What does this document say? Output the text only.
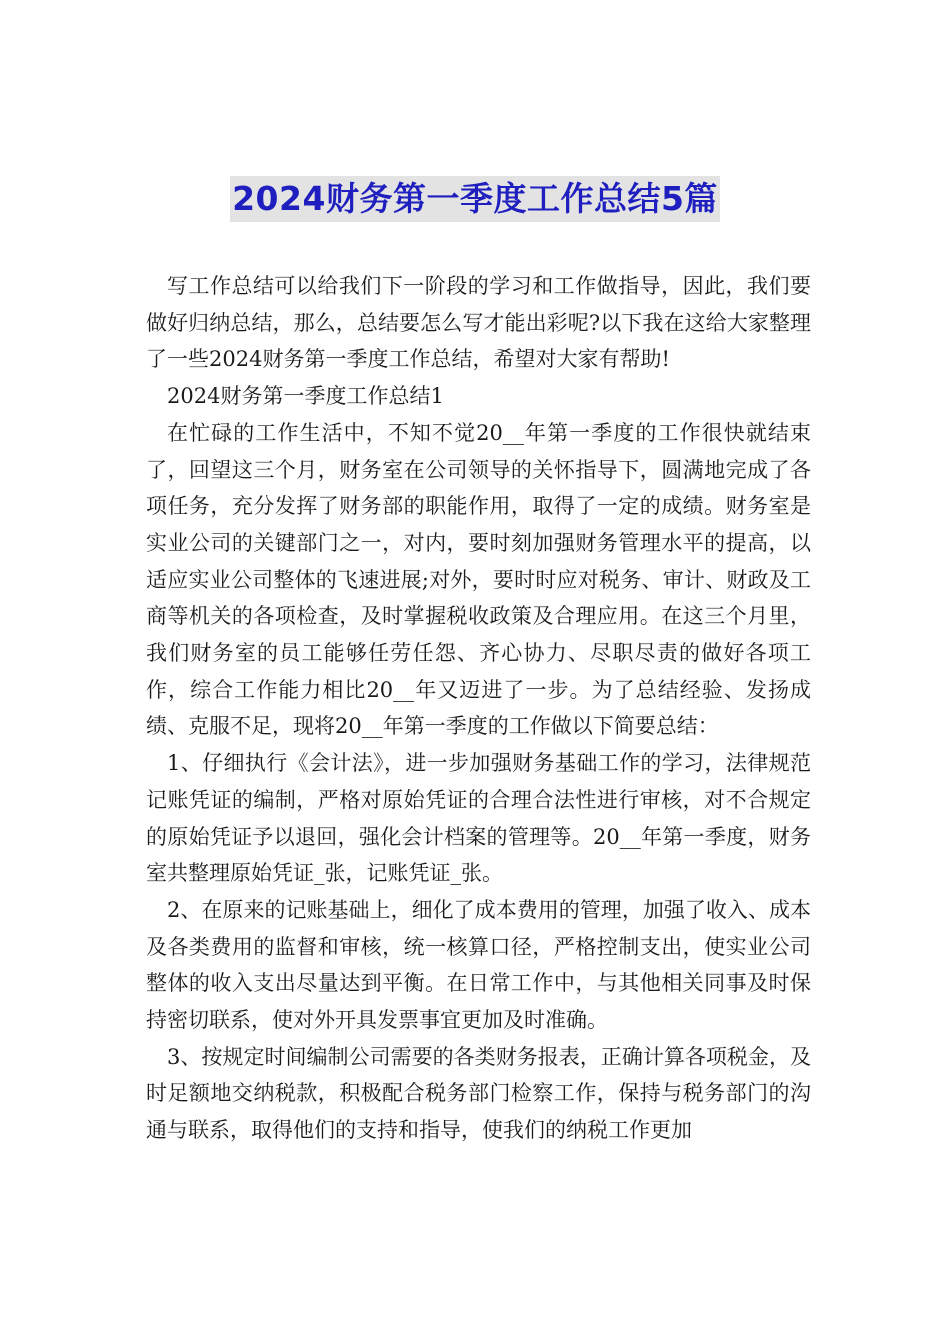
2024财务第一季度工作总结5篇

写工作总结可以给我们下一阶段的学习和工作做指导，因此，我们要做好归纳总结，那么，总结要怎么写才能出彩呢?以下我在这给大家整理了一些2024财务第一季度工作总结，希望对大家有帮助!

2024财务第一季度工作总结1

在忙碌的工作生活中，不知不觉20__年第一季度的工作很快就结束了，回望这三个月，财务室在公司领导的关怀指导下，圆满地完成了各项任务，充分发挥了财务部的职能作用，取得了一定的成绩。财务室是实业公司的关键部门之一，对内，要时刻加强财务管理水平的提高，以适应实业公司整体的飞速进展;对外，要时时应对税务、审计、财政及工商等机关的各项检查，及时掌握税收政策及合理应用。在这三个月里，我们财务室的员工能够任劳任怨、齐心协力、尽职尽责的做好各项工作，综合工作能力相比20__年又迈进了一步。为了总结经验、发扬成绩、克服不足，现将20__年第一季度的工作做以下简要总结：

1、仔细执行《会计法》，进一步加强财务基础工作的学习，法律规范记账凭证的编制，严格对原始凭证的合理合法性进行审核，对不合规定的原始凭证予以退回，强化会计档案的管理等。20__年第一季度，财务室共整理原始凭证_张，记账凭证_张。

2、在原来的记账基础上，细化了成本费用的管理，加强了收入、成本及各类费用的监督和审核，统一核算口径，严格控制支出，使实业公司整体的收入支出尽量达到平衡。在日常工作中，与其他相关同事及时保持密切联系，使对外开具发票事宜更加及时准确。

3、按规定时间编制公司需要的各类财务报表，正确计算各项税金，及时足额地交纳税款，积极配合税务部门检察工作，保持与税务部门的沟通与联系，取得他们的支持和指导，使我们的纳税工作更加
